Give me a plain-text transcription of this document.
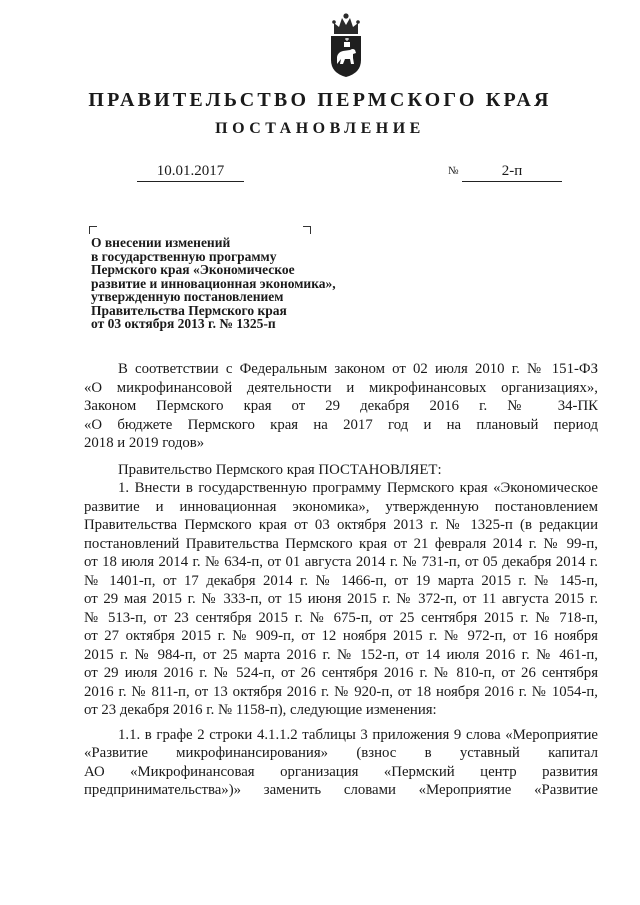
ПРАВИТЕЛЬСТВО ПЕРМСКОГО КРАЯ
ПОСТАНОВЛЕНИЕ
10.01.2017	№	2-п
О внесении изменений
в государственную программу
Пермского края «Экономическое
развитие и инновационная экономика»,
утвержденную постановлением
Правительства Пермского края
от 03 октября 2013 г. № 1325-п

В соответствии с Федеральным законом от 02 июля 2010 г. № 151-ФЗ

«О микрофинансовой деятельности и микрофинансовых организациях»,

Законом Пермского края от 29 декабря 2016 г. № 34-ПК

«О бюджете Пермского края на 2017 год и на плановый период

2018 и 2019 годов»

Правительство Пермского края ПОСТАНОВЛЯЕТ:

1. Внести в государственную программу Пермского края «Экономическое

развитие и инновационная экономика», утвержденную постановлением

Правительства Пермского края от 03 октября 2013 г. № 1325-п (в редакции

постановлений Правительства Пермского края от 21 февраля 2014 г. № 99-п,

от 18 июля 2014 г. № 634-п, от 01 августа 2014 г. № 731-п, от 05 декабря 2014 г.

№ 1401-п, от 17 декабря 2014 г. № 1466-п, от 19 марта 2015 г. № 145-п,

от 29 мая 2015 г. № 333-п, от 15 июня 2015 г. № 372-п, от 11 августа 2015 г.

№ 513-п, от 23 сентября 2015 г. № 675-п, от 25 сентября 2015 г. № 718-п,

от 27 октября 2015 г. № 909-п, от 12 ноября 2015 г. № 972-п, от 16 ноября

2015 г. № 984-п, от 25 марта 2016 г. № 152-п, от 14 июля 2016 г. № 461-п,

от 29 июля 2016 г. № 524-п, от 26 сентября 2016 г. № 810-п, от 26 сентября

2016 г. № 811-п, от 13 октября 2016 г. № 920-п, от 18 ноября 2016 г. № 1054-п,

от 23 декабря 2016 г. № 1158-п), следующие изменения:

1.1. в графе 2 строки 4.1.1.2 таблицы 3 приложения 9 слова «Мероприятие

«Развитие микрофинансирования» (взнос в уставный капитал

АО «Микрофинансовая организация «Пермский центр развития

предпринимательства»)» заменить словами «Мероприятие «Развитие
